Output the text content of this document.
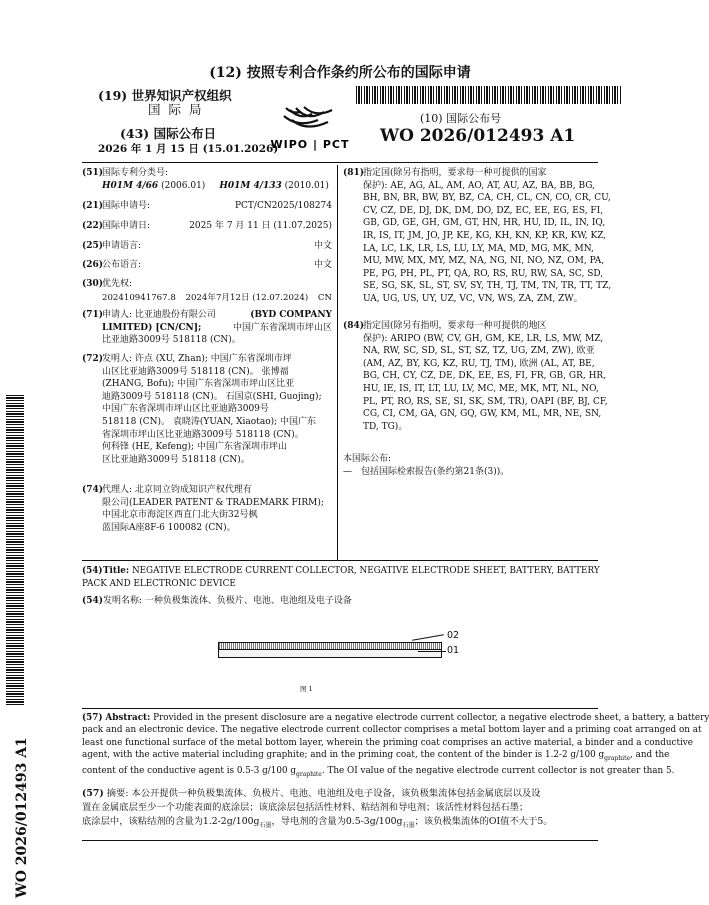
(12) 按照专利合作条约所公布的国际申请
(19) 世界知识产权组织
国 际 局
(43) 国际公布日
2026 年 1 月 15 日 (15.01.2026)
WIPO | PCT
(10) 国际公布号
WO 2026/012493 A1
(51)
国际专利分类号:
H01M 4/66 (2006.01) H01M 4/133 (2010.01)
(21)
国际申请号:	PCT/CN2025/108274
(22)
国际申请日:	2025 年 7 月 11 日 (11.07.2025)
(25)
申请语言:	中文
(26)
公布语言:	中文
(30)
优先权:
202410941767.8 2024年7月12日 (12.07.2024) CN
(71)
申请人: 比亚迪股份有限公司	(BYD COMPANY
LIMITED) [CN/CN];	中国广东省深圳市坪山区
比亚迪路3009号 518118 (CN)。
(72)
发明人: 许点 (XU, Zhan); 中国广东省深圳市坪
山区比亚迪路3009号 518118 (CN)。 张博福
(ZHANG, Bofu); 中国广东省深圳市坪山区比亚
迪路3009号 518118 (CN)。 石国京(SHI, Guojing);
中国广东省深圳市坪山区比亚迪路3009号
518118 (CN)。 袁晓涛(YUAN, Xiaotao); 中国广东
省深圳市坪山区比亚迪路3009号 518118 (CN)。
何科锋 (HE, Kefeng); 中国广东省深圳市坪山
区比亚迪路3009号 518118 (CN)。
(74)
代理人: 北京同立钧成知识产权代理有
限公司(LEADER PATENT & TRADEMARK FIRM);
中国北京市海淀区西直门北大街32号枫
蓝国际A座8F-6 100082 (CN)。
(81)
指定国(除另有指明，要求每一种可提供的国家
保护): AE, AG, AL, AM, AO, AT, AU, AZ, BA, BB, BG,
BH, BN, BR, BW, BY, BZ, CA, CH, CL, CN, CO, CR, CU,
CV, CZ, DE, DJ, DK, DM, DO, DZ, EC, EE, EG, ES, FI,
GB, GD, GE, GH, GM, GT, HN, HR, HU, ID, IL, IN, IQ,
IR, IS, IT, JM, JO, JP, KE, KG, KH, KN, KP, KR, KW, KZ,
LA, LC, LK, LR, LS, LU, LY, MA, MD, MG, MK, MN,
MU, MW, MX, MY, MZ, NA, NG, NI, NO, NZ, OM, PA,
PE, PG, PH, PL, PT, QA, RO, RS, RU, RW, SA, SC, SD,
SE, SG, SK, SL, ST, SV, SY, TH, TJ, TM, TN, TR, TT, TZ,
UA, UG, US, UY, UZ, VC, VN, WS, ZA, ZM, ZW。
(84)
指定国(除另有指明，要求每一种可提供的地区
保护): ARIPO (BW, CV, GH, GM, KE, LR, LS, MW, MZ,
NA, RW, SC, SD, SL, ST, SZ, TZ, UG, ZM, ZW), 欧亚
(AM, AZ, BY, KG, KZ, RU, TJ, TM), 欧洲 (AL, AT, BE,
BG, CH, CY, CZ, DE, DK, EE, ES, FI, FR, GB, GR, HR,
HU, IE, IS, IT, LT, LU, LV, MC, ME, MK, MT, NL, NO,
PL, PT, RO, RS, SE, SI, SK, SM, TR), OAPI (BF, BJ, CF,
CG, CI, CM, GA, GN, GQ, GW, KM, ML, MR, NE, SN,
TD, TG)。
本国际公布:
—　包括国际检索报告(条约第21条(3))。
(54) Title: NEGATIVE ELECTRODE CURRENT COLLECTOR, NEGATIVE ELECTRODE SHEET, BATTERY, BATTERY
PACK AND ELECTRONIC DEVICE
(54) 发明名称: 一种负极集流体、负极片、电池、电池组及电子设备
02
01
图 1
(57) Abstract: Provided in the present disclosure are a negative electrode current collector, a negative electrode sheet, a battery, a battery
pack and an electronic device. The negative electrode current collector comprises a metal bottom layer and a priming coat arranged on at
least one functional surface of the metal bottom layer, wherein the priming coat comprises an active material, a binder and a conductive
agent, with the active material including graphite; and in the priming coat, the content of the binder is 1.2-2 g/100 $g_{graphite}$, and the
content of the conductive agent is 0.5-3 g/100 $g_{graphite}$. The OI value of the negative electrode current collector is not greater than 5.
(57) 摘要: 本公开提供一种负极集流体、负极片、电池、电池组及电子设备，该负极集流体包括金属底层以及设
置在金属底层至少一个功能表面的底涂层；该底涂层包括活性材料、粘结剂和导电剂；该活性材料包括石墨；
底涂层中，该粘结剂的含量为$1.2-2g/100g_{石墨}$，导电剂的含量为$0.5-3g/100g_{石墨}$；该负极集流体的OI值不大于5。
WO 2026/012493 A1
